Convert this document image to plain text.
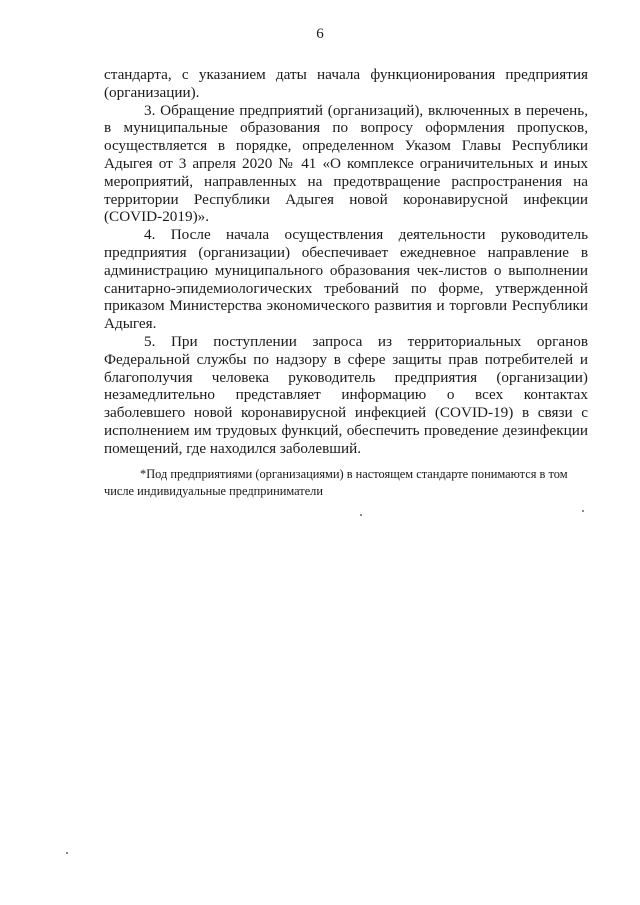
6

стандарта, с указанием даты начала функционирования предприятия (организации).

3. Обращение предприятий (организаций), включенных в перечень, в муниципальные образования по вопросу оформления пропусков, осуществляется в порядке, определенном Указом Главы Республики Адыгея от 3 апреля 2020 № 41 «О комплексе ограничительных и иных мероприятий, направленных на предотвращение распространения на территории Республики Адыгея новой коронавирусной инфекции (COVID-2019)».

4. После начала осуществления деятельности руководитель предприятия (организации) обеспечивает ежедневное направление в администрацию муниципального образования чек-листов о выполнении санитарно-эпидемиологических требований по форме, утвержденной приказом Министерства экономического развития и торговли Республики Адыгея.

5. При поступлении запроса из территориальных органов Федеральной службы по надзору в сфере защиты прав потребителей и благополучия человека руководитель предприятия (организации) незамедлительно представляет информацию о всех контактах заболевшего новой коронавирусной инфекцией (COVID-19) в связи с исполнением им трудовых функций, обеспечить проведение дезинфекции помещений, где находился заболевший.

*Под предприятиями (организациями) в настоящем стандарте понимаются в том числе индивидуальные предприниматели
